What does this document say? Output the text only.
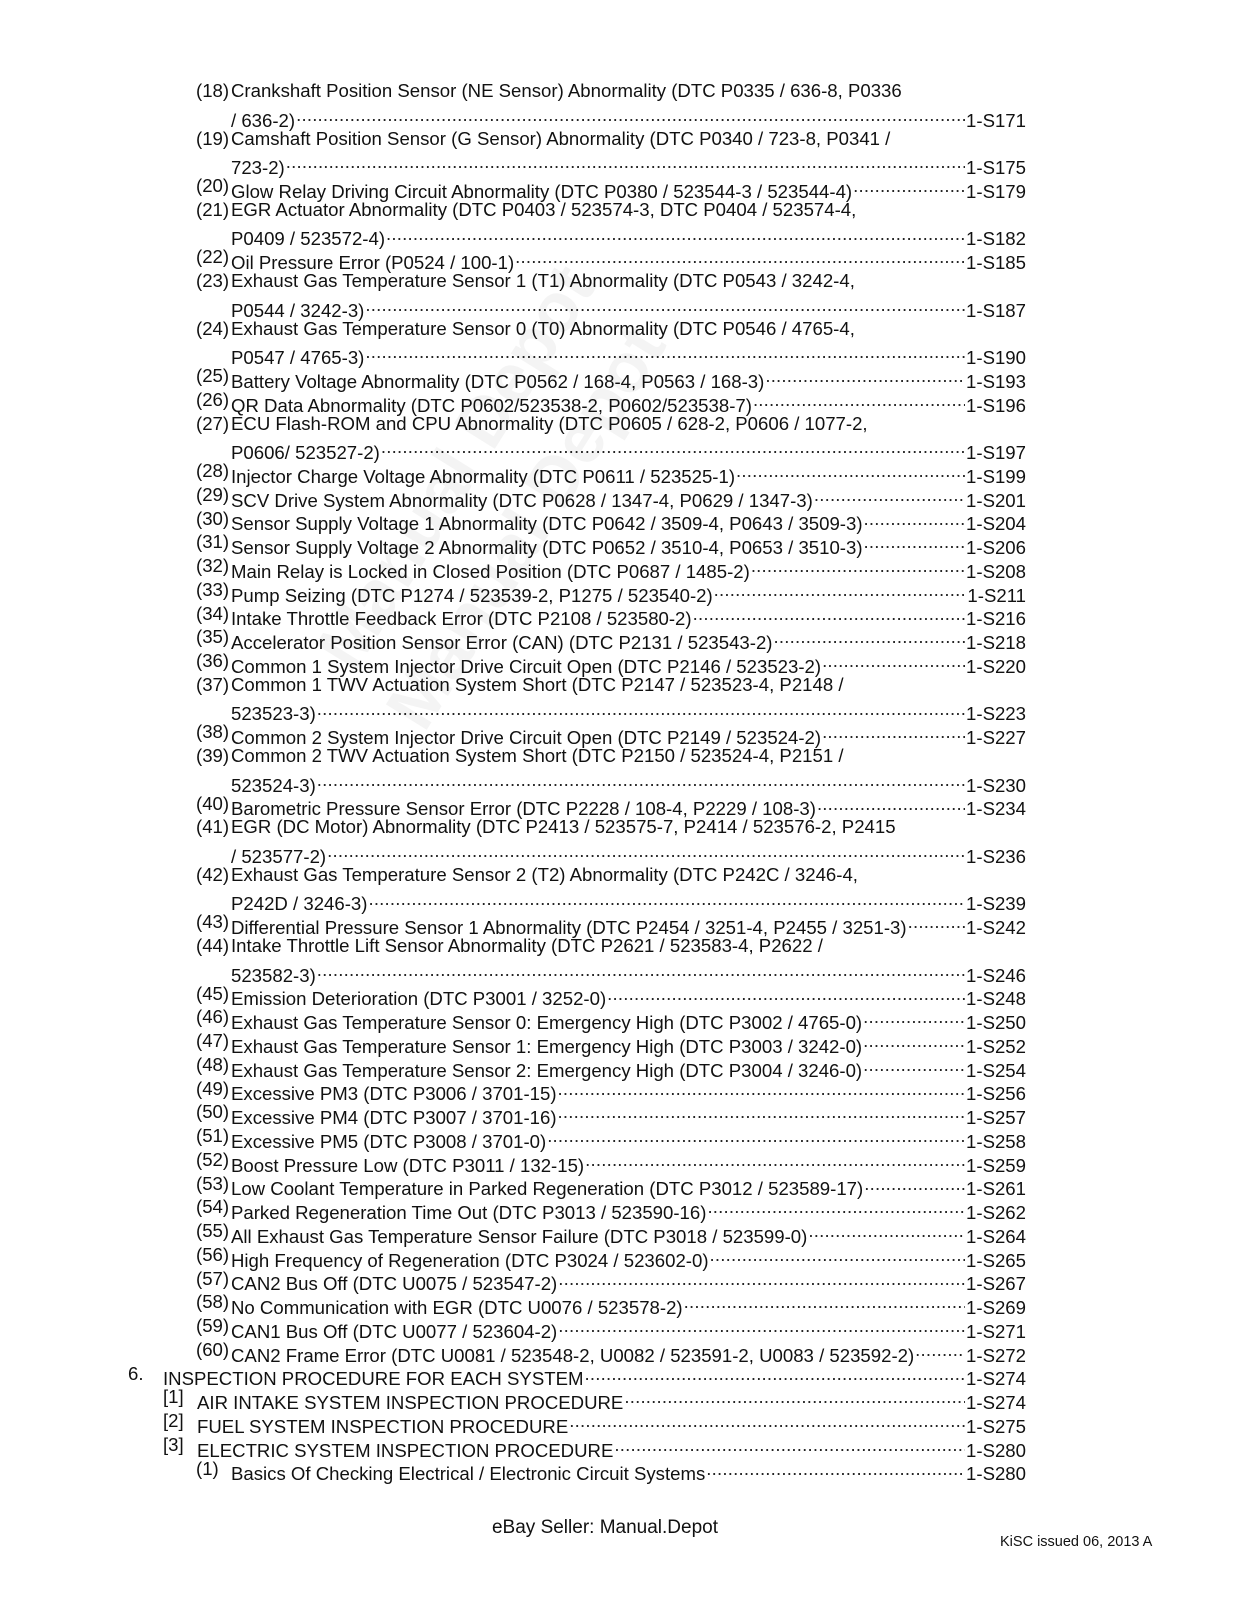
(18) Crankshaft Position Sensor (NE Sensor) Abnormality (DTC P0335 / 636-8, P0336
/ 636-2) .....	1-S171
(19) Camshaft Position Sensor (G Sensor) Abnormality (DTC P0340 / 723-8, P0341 /
723-2) .....	1-S175
(20) Glow Relay Driving Circuit Abnormality (DTC P0380 / 523544-3 / 523544-4) .....	1-S179
(21) EGR Actuator Abnormality (DTC P0403 / 523574-3, DTC P0404 / 523574-4,
P0409 / 523572-4) .....	1-S182
(22) Oil Pressure Error (P0524 / 100-1) .....	1-S185
(23) Exhaust Gas Temperature Sensor 1 (T1) Abnormality (DTC P0543 / 3242-4,
P0544 / 3242-3) .....	1-S187
(24) Exhaust Gas Temperature Sensor 0 (T0) Abnormality (DTC P0546 / 4765-4,
P0547 / 4765-3) .....	1-S190
(25) Battery Voltage Abnormality (DTC P0562 / 168-4, P0563 / 168-3) .....	1-S193
(26) QR Data Abnormality (DTC P0602/523538-2, P0602/523538-7) .....	1-S196
(27) ECU Flash-ROM and CPU Abnormality (DTC P0605 / 628-2, P0606 / 1077-2,
P0606/ 523527-2) .....	1-S197
(28) Injector Charge Voltage Abnormality (DTC P0611 / 523525-1) .....	1-S199
(29) SCV Drive System Abnormality (DTC P0628 / 1347-4, P0629 / 1347-3) .....	1-S201
(30) Sensor Supply Voltage 1 Abnormality (DTC P0642 / 3509-4, P0643 / 3509-3) .....	1-S204
(31) Sensor Supply Voltage 2 Abnormality (DTC P0652 / 3510-4, P0653 / 3510-3) .....	1-S206
(32) Main Relay is Locked in Closed Position (DTC P0687 / 1485-2) .....	1-S208
(33) Pump Seizing (DTC P1274 / 523539-2, P1275 / 523540-2) .....	1-S211
(34) Intake Throttle Feedback Error (DTC P2108 / 523580-2) .....	1-S216
(35) Accelerator Position Sensor Error (CAN) (DTC P2131 / 523543-2) .....	1-S218
(36) Common 1 System Injector Drive Circuit Open (DTC P2146 / 523523-2) .....	1-S220
(37) Common 1 TWV Actuation System Short (DTC P2147 / 523523-4, P2148 /
523523-3) .....	1-S223
(38) Common 2 System Injector Drive Circuit Open (DTC P2149 / 523524-2) .....	1-S227
(39) Common 2 TWV Actuation System Short (DTC P2150 / 523524-4, P2151 /
523524-3) .....	1-S230
(40) Barometric Pressure Sensor Error (DTC P2228 / 108-4, P2229 / 108-3) .....	1-S234
(41) EGR (DC Motor) Abnormality (DTC P2413 / 523575-7, P2414 / 523576-2, P2415
/ 523577-2) .....	1-S236
(42) Exhaust Gas Temperature Sensor 2 (T2) Abnormality (DTC P242C / 3246-4,
P242D / 3246-3) .....	1-S239
(43) Differential Pressure Sensor 1 Abnormality (DTC P2454 / 3251-4, P2455 / 3251-3) .....	1-S242
(44) Intake Throttle Lift Sensor Abnormality (DTC P2621 / 523583-4, P2622 /
523582-3) .....	1-S246
(45) Emission Deterioration (DTC P3001 / 3252-0) .....	1-S248
(46) Exhaust Gas Temperature Sensor 0: Emergency High (DTC P3002 / 4765-0) .....	1-S250
(47) Exhaust Gas Temperature Sensor 1: Emergency High (DTC P3003 / 3242-0) .....	1-S252
(48) Exhaust Gas Temperature Sensor 2: Emergency High (DTC P3004 / 3246-0) .....	1-S254
(49) Excessive PM3 (DTC P3006 / 3701-15) .....	1-S256
(50) Excessive PM4 (DTC P3007 / 3701-16) .....	1-S257
(51) Excessive PM5 (DTC P3008 / 3701-0) .....	1-S258
(52) Boost Pressure Low (DTC P3011 / 132-15) .....	1-S259
(53) Low Coolant Temperature in Parked Regeneration (DTC P3012 / 523589-17) .....	1-S261
(54) Parked Regeneration Time Out (DTC P3013 / 523590-16) .....	1-S262
(55) All Exhaust Gas Temperature Sensor Failure (DTC P3018 / 523599-0) .....	1-S264
(56) High Frequency of Regeneration (DTC P3024 / 523602-0) .....	1-S265
(57) CAN2 Bus Off (DTC U0075 / 523547-2) .....	1-S267
(58) No Communication with EGR (DTC U0076 / 523578-2) .....	1-S269
(59) CAN1 Bus Off (DTC U0077 / 523604-2) .....	1-S271
(60) CAN2 Frame Error (DTC U0081 / 523548-2, U0082 / 523591-2, U0083 / 523592-2) .....	1-S272
6. INSPECTION PROCEDURE FOR EACH SYSTEM .....	1-S274
[1] AIR INTAKE SYSTEM INSPECTION PROCEDURE .....	1-S274
[2] FUEL SYSTEM INSPECTION PROCEDURE .....	1-S275
[3] ELECTRIC SYSTEM INSPECTION PROCEDURE .....	1-S280
(1) Basics Of Checking Electrical / Electronic Circuit Systems .....	1-S280
eBay Seller: Manual.Depot
KiSC issued 06, 2013 A
